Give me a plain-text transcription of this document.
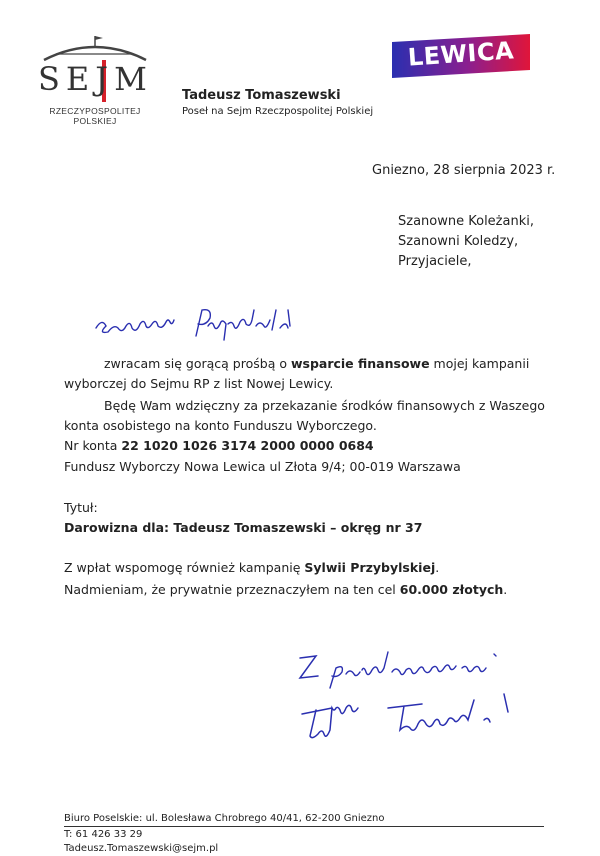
SEJM
RZECZYPOSPOLITEJ POLSKIEJ
Tadeusz Tomaszewski
Poseł na Sejm Rzeczpospolitej Polskiej
LEWICA
Gniezno, 28 sierpnia 2023 r.
Szanowne Koleżanki,
Szanowni Koledzy,
Przyjaciele,
zwracam się gorącą prośbą o wsparcie finansowe mojej kampanii
wyborczej do Sejmu RP z list Nowej Lewicy.
Będę Wam wdzięczny za przekazanie środków finansowych z Waszego
konta osobistego na konto Funduszu Wyborczego.
Nr konta 22 1020 1026 3174 2000 0000 0684
Fundusz Wyborczy Nowa Lewica ul Złota 9/4; 00-019 Warszawa
Tytuł:
Darowizna dla: Tadeusz Tomaszewski – okręg nr 37
Z wpłat wspomogę również kampanię Sylwii Przybylskiej.
Nadmieniam, że prywatnie przeznaczyłem na ten cel 60.000 złotych.
Biuro Poselskie: ul. Bolesława Chrobrego 40/41, 62-200 Gniezno
T: 61 426 33 29
Tadeusz.Tomaszewski@sejm.pl
